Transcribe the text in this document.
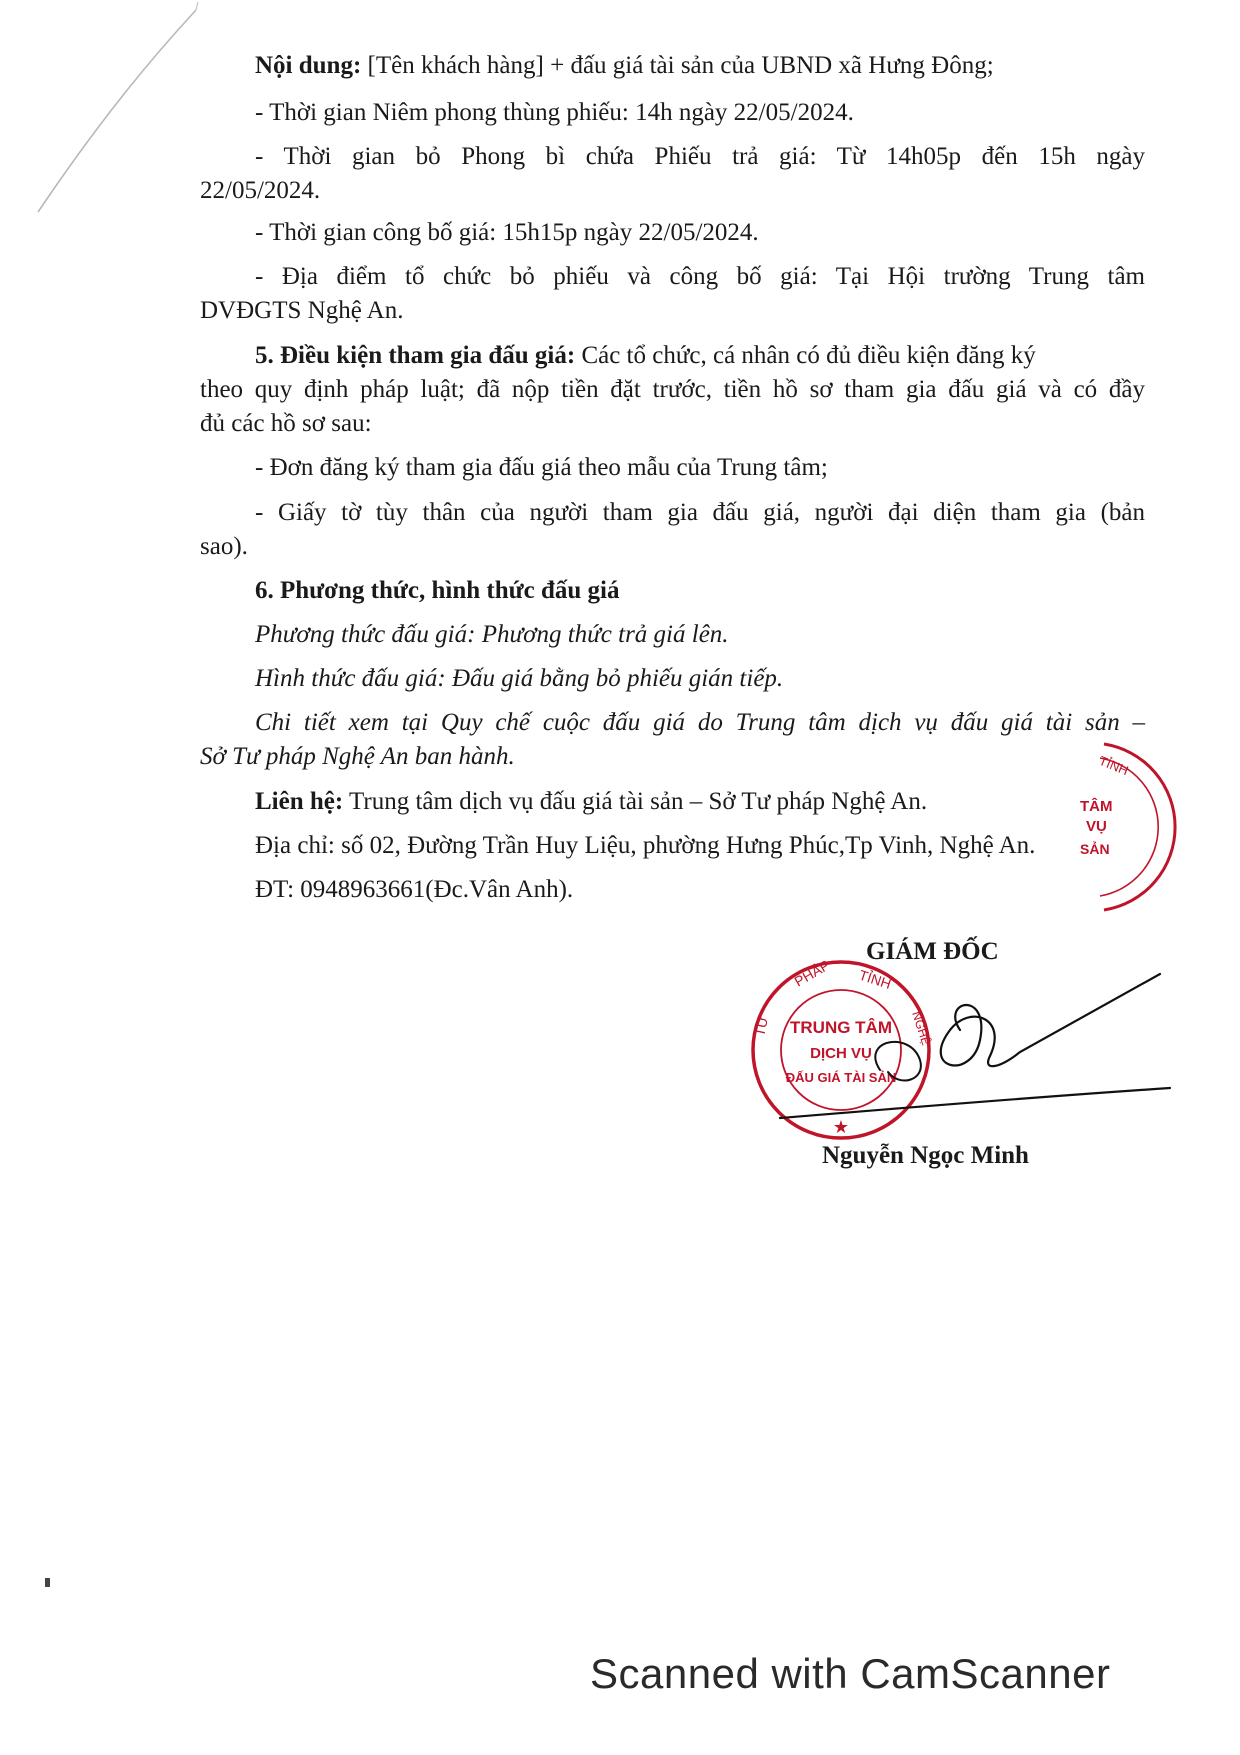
Nội dung: [Tên khách hàng] + đấu giá tài sản của UBND xã Hưng Đông;
- Thời gian Niêm phong thùng phiếu: 14h ngày 22/05/2024.
- Thời gian bỏ Phong bì chứa Phiếu trả giá: Từ 14h05p đến 15h ngày
22/05/2024.
- Thời gian công bố giá: 15h15p ngày 22/05/2024.
- Địa điểm tổ chức bỏ phiếu và công bố giá: Tại Hội trường Trung tâm
DVĐGTS Nghệ An.
5. Điều kiện tham gia đấu giá: Các tổ chức, cá nhân có đủ điều kiện đăng ký
theo quy định pháp luật; đã nộp tiền đặt trước, tiền hồ sơ tham gia đấu giá và có đầy
đủ các hồ sơ sau:
- Đơn đăng ký tham gia đấu giá theo mẫu của Trung tâm;
- Giấy tờ tùy thân của người tham gia đấu giá, người đại diện tham gia (bản
sao).
6. Phương thức, hình thức đấu giá
Phương thức đấu giá: Phương thức trả giá lên.
Hình thức đấu giá: Đấu giá bằng bỏ phiếu gián tiếp.
Chi tiết xem tại Quy chế cuộc đấu giá do Trung tâm dịch vụ đấu giá tài sản –
Sở Tư pháp Nghệ An ban hành.
Liên hệ: Trung tâm dịch vụ đấu giá tài sản – Sở Tư pháp Nghệ An.
Địa chỉ: số 02, Đường Trần Huy Liệu, phường Hưng Phúc,Tp Vinh, Nghệ An.
ĐT: 0948963661(Đc.Vân Anh).
TỈNH
TÂM
VỤ
SẢN
GIÁM ĐỐC
PHÁP TỈNH
TƯ	NGHỆ
TRUNG TÂM
DỊCH VỤ
ĐẤU GIÁ TÀI SẢN
★
Nguyễn Ngọc Minh
Scanned with CamScanner
